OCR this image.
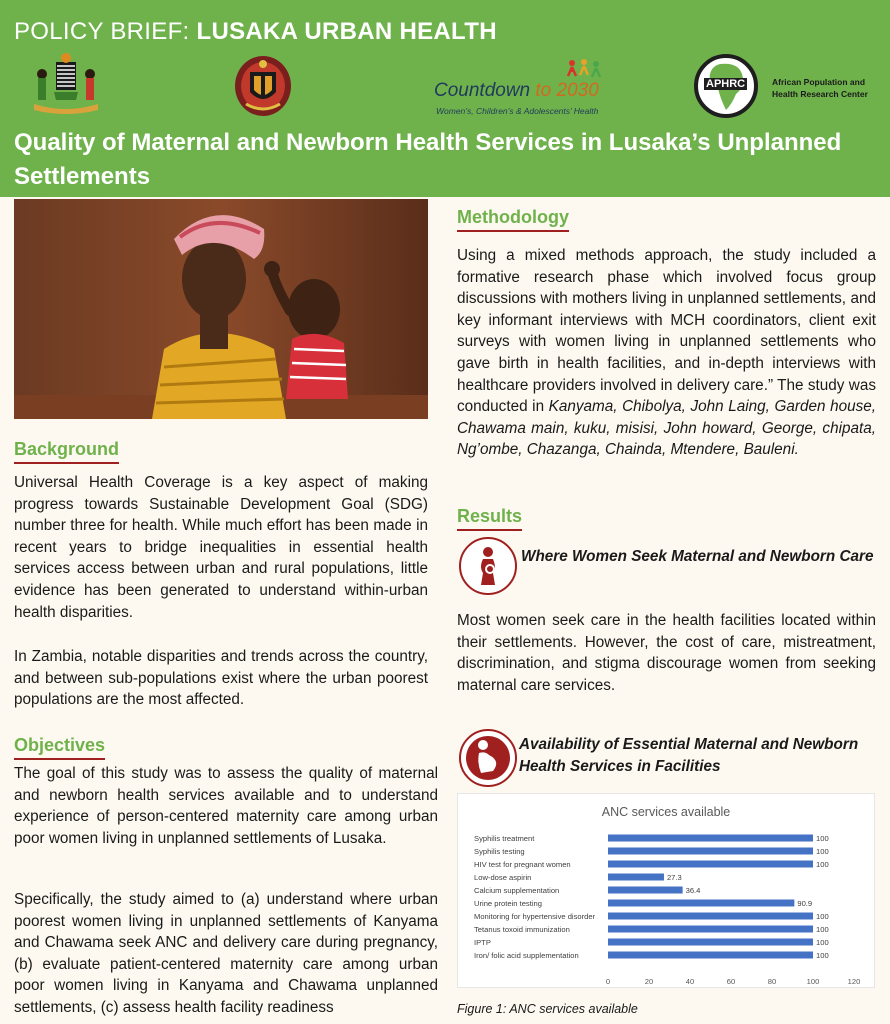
POLICY BRIEF: LUSAKA URBAN HEALTH
Countdown to 2030
Women’s, Children’s & Adolescents’ Health
APHRC	African Population and Health Research Center
Quality of Maternal and Newborn Health Services in Lusaka’s Unplanned Settlements
Background

Universal Health Coverage is a key aspect of making progress towards Sustainable Development Goal (SDG) number three for health. While much effort has been made in recent years to bridge inequalities in essential health services access between urban and rural populations, little evidence has been generated to understand within-urban health disparities.

In Zambia, notable disparities and trends across the country, and between sub-populations exist where the urban poorest populations are the most affected.

Objectives

The goal of this study was to assess the quality of maternal and newborn health services available and to understand experience of person-centered maternity care among urban poor women living in unplanned settlements of Lusaka.

Specifically, the study aimed to (a) understand where urban poorest women living in unplanned settlements of Kanyama and Chawama seek ANC and delivery care during pregnancy, (b) evaluate patient-centered maternity care among urban poor women living in Kanyama and Chawama unplanned settlements, (c) assess health facility readiness

Methodology

Using a mixed methods approach, the study included a formative research phase which involved focus group discussions with mothers living in unplanned settlements, and key informant interviews with MCH coordinators, client exit surveys with women living in unplanned settlements who gave birth in health facilities, and in-depth interviews with healthcare providers involved in delivery care.” The study was conducted in Kanyama, Chibolya, John Laing, Garden house, Chawama main, kuku, misisi, John howard, George, chipata, Ng’ombe, Chazanga, Chainda, Mtendere, Bauleni.

Results
Where Women Seek Maternal and Newborn Care

Most women seek care in the health facilities located within their settlements. However, the cost of care, mistreatment, discrimination, and stigma discourage women from seeking maternal care services.

Availability of Essential Maternal and Newborn Health Services in Facilities
ANC services available
Syphilis treatment	100
Syphilis testing	100
HIV test for pregnant women	100
Low-dose aspirin	27.3
Calcium supplementation	36.4
Urine protein testing	90.9
Monitoring for hypertensive disorder	100
Tetanus toxoid immunization	100
IPTP	100
Iron/ folic acid supplementation	100
0	20	40	60	80	100	120
Figure 1: ANC services available
